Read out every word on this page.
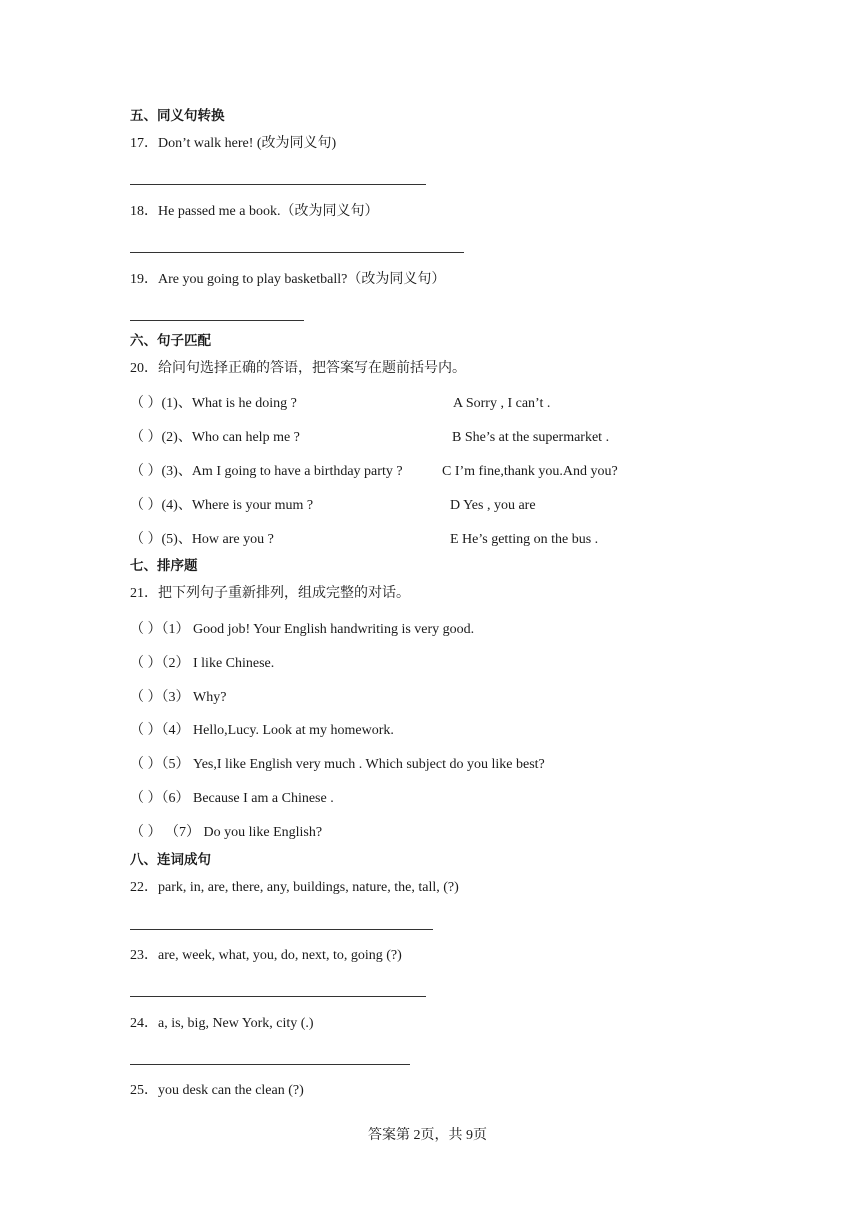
五、同义句转换
17．Don’t walk here! (改为同义句)
18．He passed me a book.（改为同义句）
19．Are you going to play basketball?（改为同义句）
六、句子匹配
20．给问句选择正确的答语，把答案写在题前括号内。
（ ）(1)、What is he doing ?	A Sorry , I can’t .
（ ）(2)、Who can help me ?	B She’s at the supermarket .
（ ）(3)、Am I going to have a birthday party ?	C I’m fine,thank you.And you?
（ ）(4)、Where is your mum ?	D Yes , you are
（ ）(5)、How are you ?	E He’s getting on the bus .
七、排序题
21．把下列句子重新排列，组成完整的对话。
（ ）（1） Good job! Your English handwriting is very good.
（ ）（2） I like Chinese.
（ ）（3） Why?
（ ）（4） Hello,Lucy. Look at my homework.
（ ）（5） Yes,I like English very much . Which subject do you like best?
（ ）（6） Because I am a Chinese .
（ ） （7） Do you like English?
八、连词成句
22．park, in, are, there, any, buildings, nature, the, tall, (?)
23．are, week, what, you, do, next, to, going (?)
24．a, is, big, New York, city (.)
25．you desk can the clean (?)
答案第 2页，共 9页
